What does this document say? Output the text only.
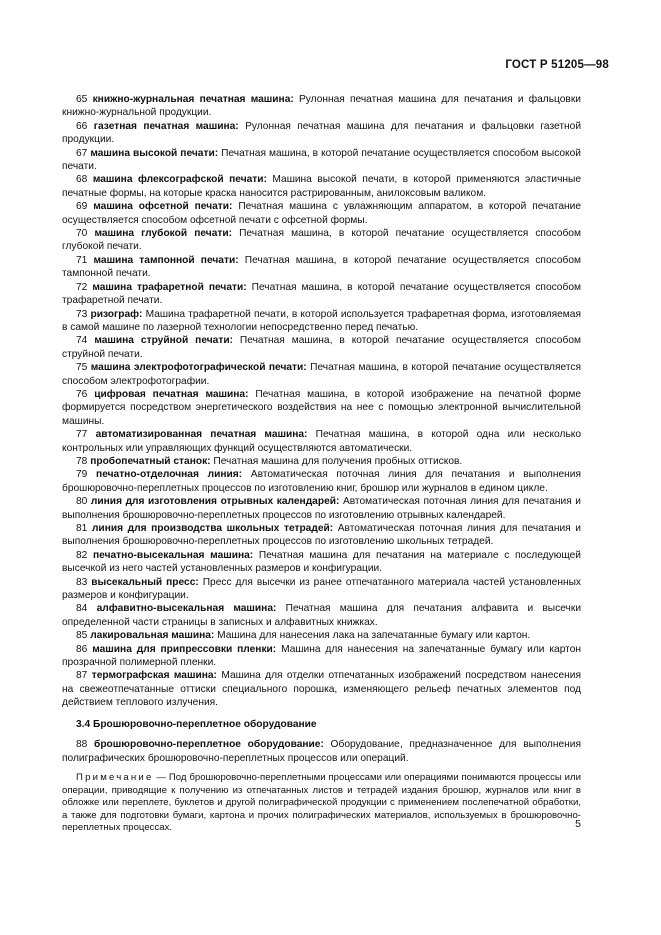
ГОСТ Р 51205—98

65 книжно-журнальная печатная машина: Рулонная печатная машина для печатания и фальцовки книжно-журнальной продукции.

66 газетная печатная машина: Рулонная печатная машина для печатания и фальцовки газетной продукции.

67 машина высокой печати: Печатная машина, в которой печатание осуществляется способом высокой печати.

68 машина флексографской печати: Машина высокой печати, в которой применяются эластичные печатные формы, на которые краска наносится растрированным, анилоксовым валиком.

69 машина офсетной печати: Печатная машина с увлажняющим аппаратом, в которой печатание осуществляется способом офсетной печати с офсетной формы.

70 машина глубокой печати: Печатная машина, в которой печатание осуществляется способом глубокой печати.

71 машина тампонной печати: Печатная машина, в которой печатание осуществляется способом тампонной печати.

72 машина трафаретной печати: Печатная машина, в которой печатание осуществляется способом трафаретной печати.

73 ризограф: Машина трафаретной печати, в которой используется трафаретная форма, изготовляемая в самой машине по лазерной технологии непосредственно перед печатью.

74 машина струйной печати: Печатная машина, в которой печатание осуществляется способом струйной печати.

75 машина электрофотографической печати: Печатная машина, в которой печатание осуществляется способом электрофотографии.

76 цифровая печатная машина: Печатная машина, в которой изображение на печатной форме формируется посредством энергетического воздействия на нее с помощью электронной вычислительной машины.

77 автоматизированная печатная машина: Печатная машина, в которой одна или несколько контрольных или управляющих функций осуществляются автоматически.

78 пробопечатный станок: Печатная машина для получения пробных оттисков.

79 печатно-отделочная линия: Автоматическая поточная линия для печатания и выполнения брошюровочно-переплетных процессов по изготовлению книг, брошюр или журналов в едином цикле.

80 линия для изготовления отрывных календарей: Автоматическая поточная линия для печатания и выполнения брошюровочно-переплетных процессов по изготовлению отрывных календарей.

81 линия для производства школьных тетрадей: Автоматическая поточная линия для печатания и выполнения брошюровочно-переплетных процессов по изготовлению школьных тетрадей.

82 печатно-высекальная машина: Печатная машина для печатания на материале с последующей высечкой из него частей установленных размеров и конфигурации.

83 высекальный пресс: Пресс для высечки из ранее отпечатанного материала частей установленных размеров и конфигурации.

84 алфавитно-высекальная машина: Печатная машина для печатания алфавита и высечки определенной части страницы в записных и алфавитных книжках.

85 лакировальная машина: Машина для нанесения лака на запечатанные бумагу или картон.

86 машина для припрессовки пленки: Машина для нанесения на запечатанные бумагу или картон прозрачной полимерной пленки.

87 термографская машина: Машина для отделки отпечатанных изображений посредством нанесения на свежеотпечатанные оттиски специального порошка, изменяющего рельеф печатных элементов под действием теплового излучения.

3.4 Брошюровочно-переплетное оборудование

88 брошюровочно-переплетное оборудование: Оборудование, предназначенное для выполнения полиграфических брошюровочно-переплетных процессов или операций.

Примечание — Под брошюровочно-переплетными процессами или операциями понимаются процессы или операции, приводящие к получению из отпечатанных листов и тетрадей издания брошюр, журналов или книг в обложке или переплете, буклетов и другой полиграфической продукции с применением послепечатной обработки, а также для подготовки бумаги, картона и прочих полиграфических материалов, используемых в брошюровочно-переплетных процессах.	5
